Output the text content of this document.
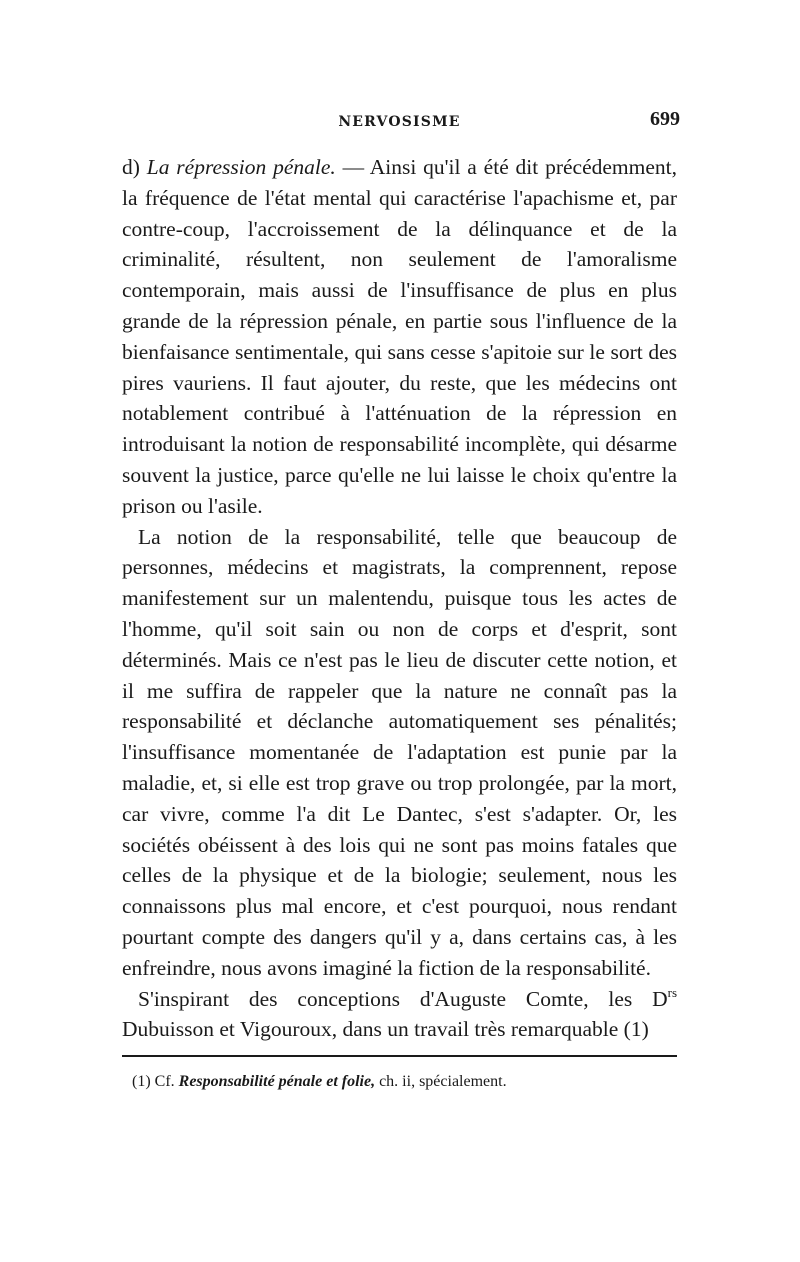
NERVOSISME	699

d) La répression pénale. — Ainsi qu'il a été dit précédemment, la fréquence de l'état mental qui caractérise l'apachisme et, par contre-coup, l'accroissement de la délinquance et de la criminalité, résultent, non seulement de l'amoralisme contemporain, mais aussi de l'insuffisance de plus en plus grande de la répression pénale, en partie sous l'influence de la bienfaisance sentimentale, qui sans cesse s'apitoie sur le sort des pires vauriens. Il faut ajouter, du reste, que les médecins ont notablement contribué à l'atténuation de la répression en introduisant la notion de responsabilité incomplète, qui désarme souvent la justice, parce qu'elle ne lui laisse le choix qu'entre la prison ou l'asile.

La notion de la responsabilité, telle que beaucoup de personnes, médecins et magistrats, la comprennent, repose manifestement sur un malentendu, puisque tous les actes de l'homme, qu'il soit sain ou non de corps et d'esprit, sont déterminés. Mais ce n'est pas le lieu de discuter cette notion, et il me suffira de rappeler que la nature ne connaît pas la responsabilité et déclanche automatiquement ses pénalités; l'insuffisance momentanée de l'adaptation est punie par la maladie, et, si elle est trop grave ou trop prolongée, par la mort, car vivre, comme l'a dit Le Dantec, s'est s'adapter. Or, les sociétés obéissent à des lois qui ne sont pas moins fatales que celles de la physique et de la biologie; seulement, nous les connaissons plus mal encore, et c'est pourquoi, nous rendant pourtant compte des dangers qu'il y a, dans certains cas, à les enfreindre, nous avons imaginé la fiction de la responsabilité.

S'inspirant des conceptions d'Auguste Comte, les $D^{rs}$ Dubuisson et Vigouroux, dans un travail très remarquable (1)

(1) Cf. Responsabilité pénale et folie, ch. ii, spécialement.
